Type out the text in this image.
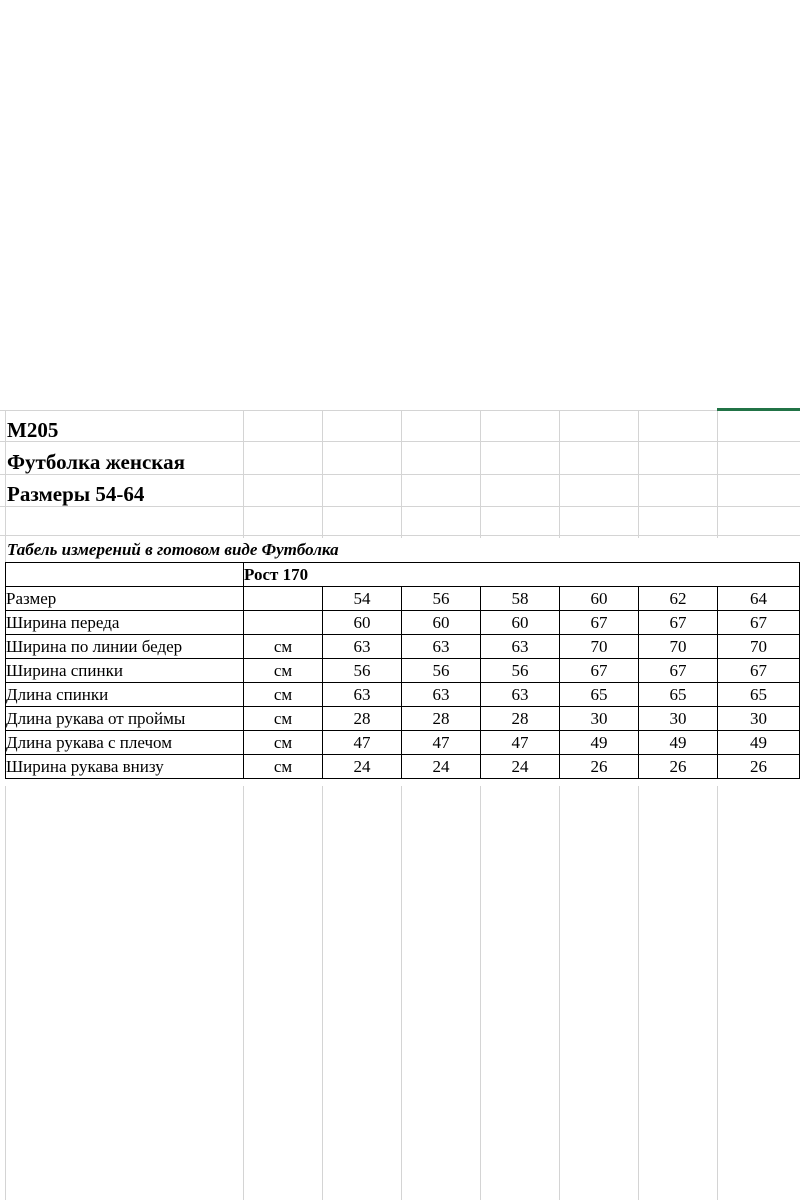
М205
Футболка женская
Размеры 54-64
Табель измерений в готовом виде Футболка
	Рост 170						
Размер		54	56	58	60	62	64
Ширина переда		60	60	60	67	67	67
Ширина по линии бедер	см	63	63	63	70	70	70
Ширина спинки	см	56	56	56	67	67	67
Длина спинки	см	63	63	63	65	65	65
Длина рукава от проймы	см	28	28	28	30	30	30
Длина рукава с плечом	см	47	47	47	49	49	49
Ширина рукава внизу	см	24	24	24	26	26	26
